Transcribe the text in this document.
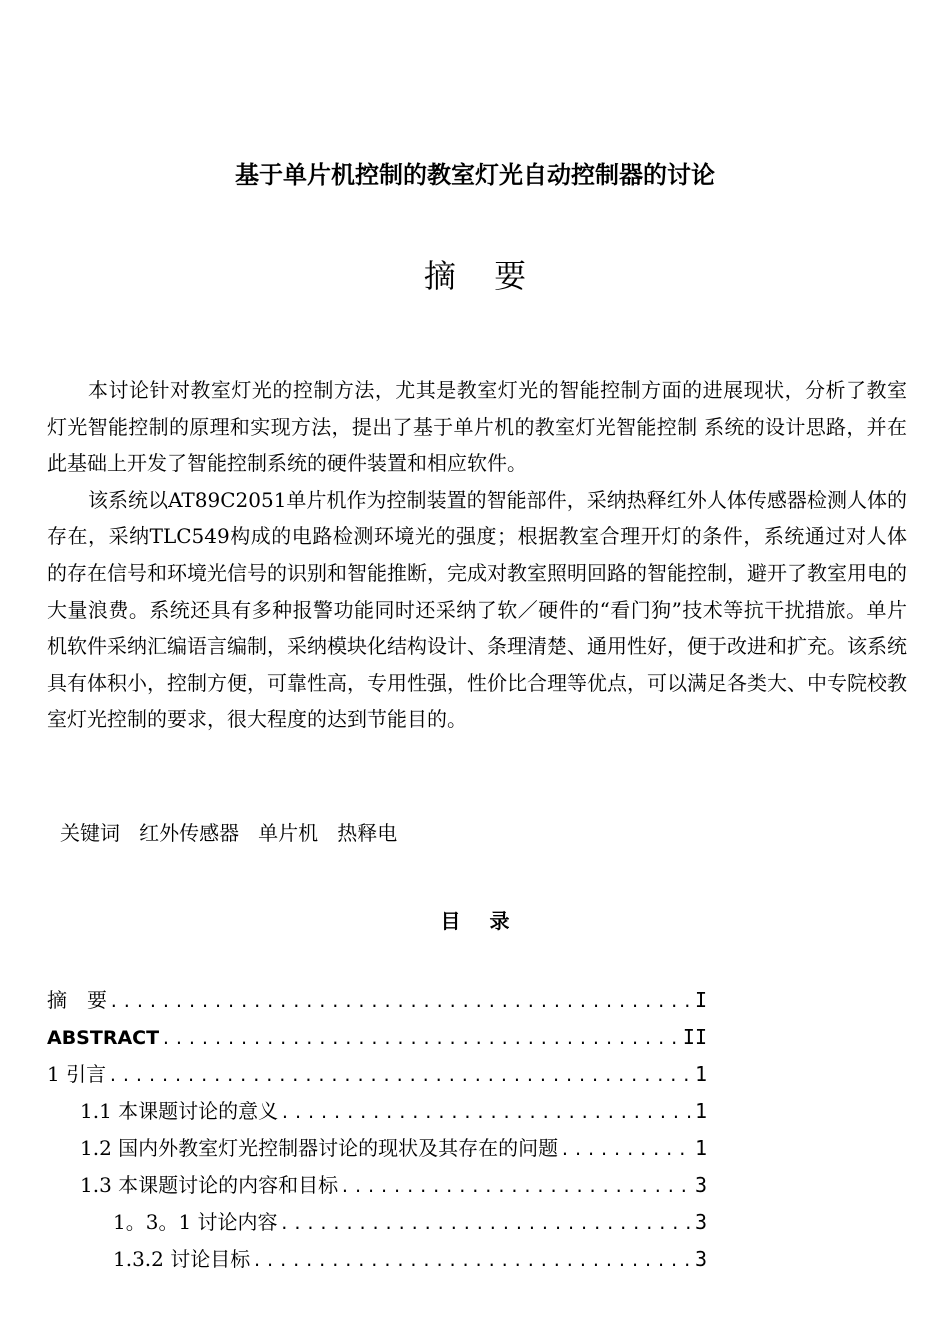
基于单片机控制的教室灯光自动控制器的讨论
摘 要

本讨论针对教室灯光的控制方法，尤其是教室灯光的智能控制方面的进展现状，分析了教室灯光智能控制的原理和实现方法，提出了基于单片机的教室灯光智能控制 系统的设计思路，并在此基础上开发了智能控制系统的硬件装置和相应软件。

该系统以AT89C2051单片机作为控制装置的智能部件，采纳热释红外人体传感器检测人体的存在，采纳TLC549构成的电路检测环境光的强度；根据教室合理开灯的条件，系统通过对人体的存在信号和环境光信号的识别和智能推断，完成对教室照明回路的智能控制，避开了教室用电的大量浪费。系统还具有多种报警功能同时还采纳了软／硬件的“看门狗”技术等抗干扰措旅。单片机软件采纳汇编语言编制，采纳模块化结构设计、条理清楚、通用性好，便于改进和扩充。该系统具有体积小，控制方便，可靠性高，专用性强，性价比合理等优点，可以满足各类大、中专院校教室灯光控制的要求，很大程度的达到节能目的。

关键词   红外传感器   单片机   热释电
目 录
摘　要 .....	I
ABSTRACT .....	II
1 引言 .....	1
1.1 本课题讨论的意义 .....	1
1.2 国内外教室灯光控制器讨论的现状及其存在的问题 .....	1
1.3 本课题讨论的内容和目标 .....	3
1。3。1 讨论内容 .....	3
1.3.2 讨论目标 .....	3
